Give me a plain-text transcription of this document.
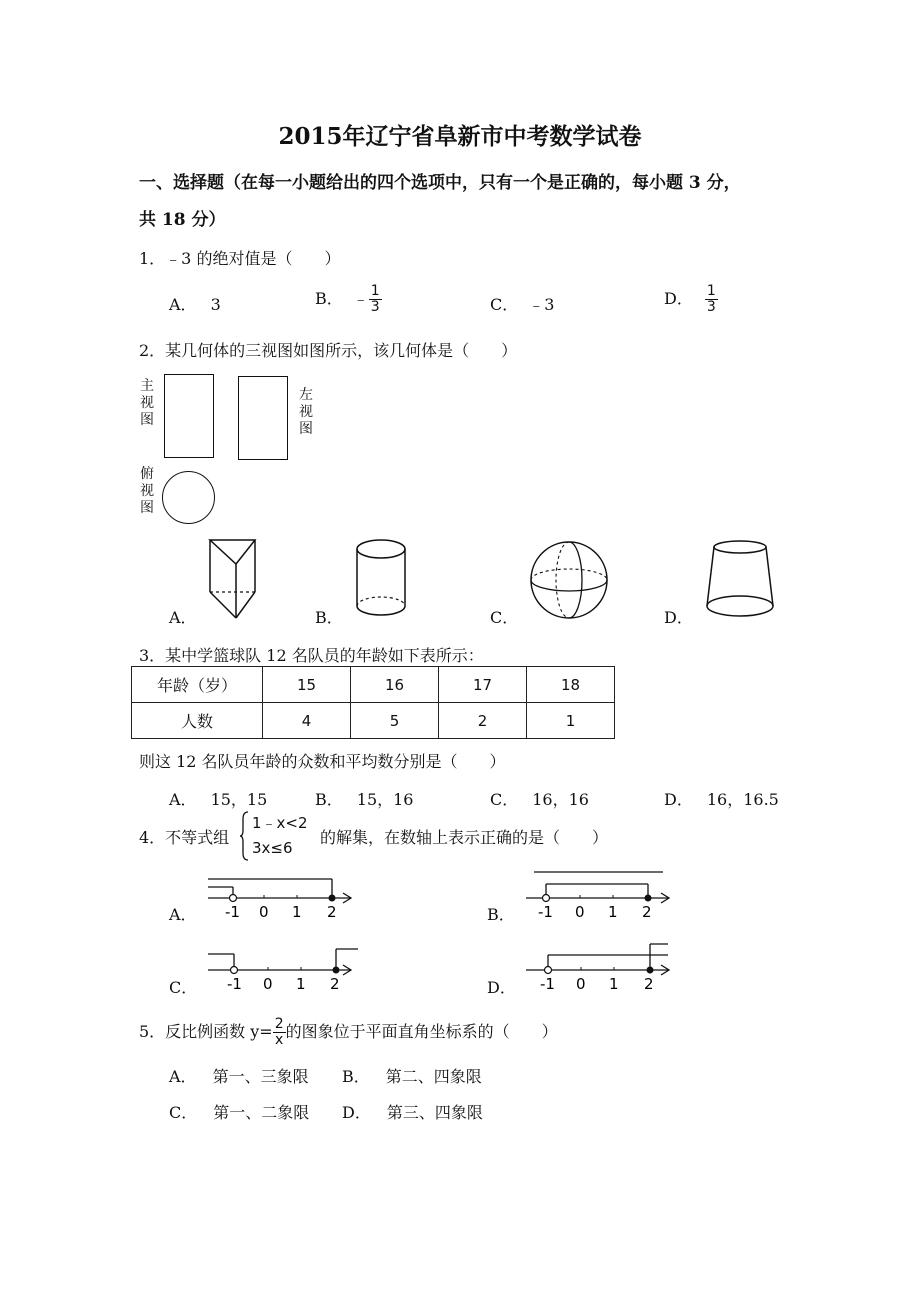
2015年辽宁省阜新市中考数学试卷
一、选择题（在每一小题给出的四个选项中，只有一个是正确的，每小题 3 分，
共 18 分）
1．﹣3 的绝对值是（　　）
A． 3	B． ﹣ $\frac{1}{3}$	C． ﹣3	D． $\frac{1}{3}$
2．某几何体的三视图如图所示，该几何体是（　　）
主
视
图
左
视
图
俯
视
图
A．	B．	C．	D．
3．某中学篮球队 12 名队员的年龄如下表所示：
年龄（岁）	15	16	17	18
人数	4	5	2	1
则这 12 名队员年龄的众数和平均数分别是（　　）
A． 15，15	B． 15，16	C． 16，16	D． 16，16.5
4．不等式组
1﹣x<2
3x≤6
的解集，在数轴上表示正确的是（　　）
A．	B．
C．	D．
-1 0 1 2	-1 0 1 2
-1 0 1 2	-1 0 1 2
5．反比例函数 $y= \frac{2}{x}$ 的图象位于平面直角坐标系的（　　）
A． 第一、三象限 B． 第二、四象限
C． 第一、二象限 D． 第三、四象限
